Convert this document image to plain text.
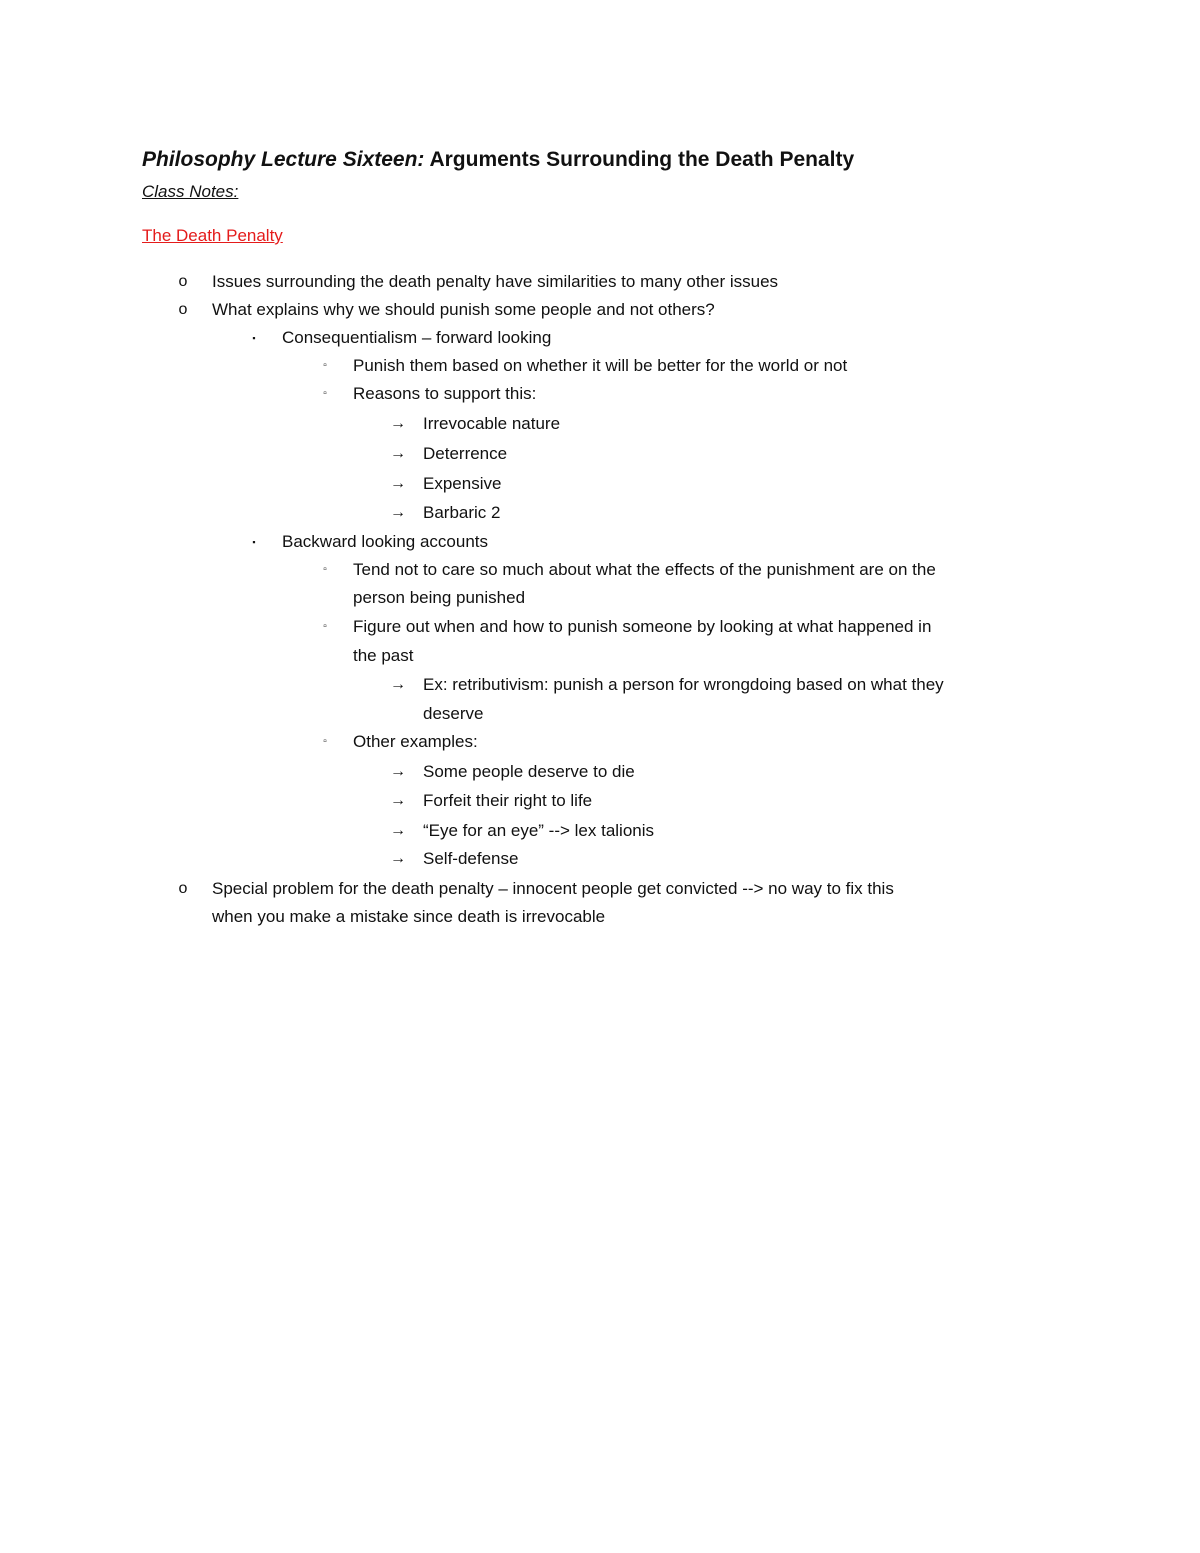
Philosophy Lecture Sixteen: Arguments Surrounding the Death Penalty
Class Notes:
The Death Penalty
o Issues surrounding the death penalty have similarities to many other issues
o What explains why we should punish some people and not others?
▪	Consequentialism – forward looking
▫	Punish them based on whether it will be better for the world or not
▫	Reasons to support this:
→ Irrevocable nature
→ Deterrence
→ Expensive
→ Barbaric 2
▪	Backward looking accounts
▫	Tend not to care so much about what the effects of the punishment are on the
person being punished
▫	Figure out when and how to punish someone by looking at what happened in
the past
→ Ex: retributivism: punish a person for wrongdoing based on what they
deserve
▫	Other examples:
→ Some people deserve to die
→ Forfeit their right to life
→ “Eye for an eye” --> lex talionis
→ Self-defense
o Special problem for the death penalty – innocent people get convicted --> no way to fix this
when you make a mistake since death is irrevocable
